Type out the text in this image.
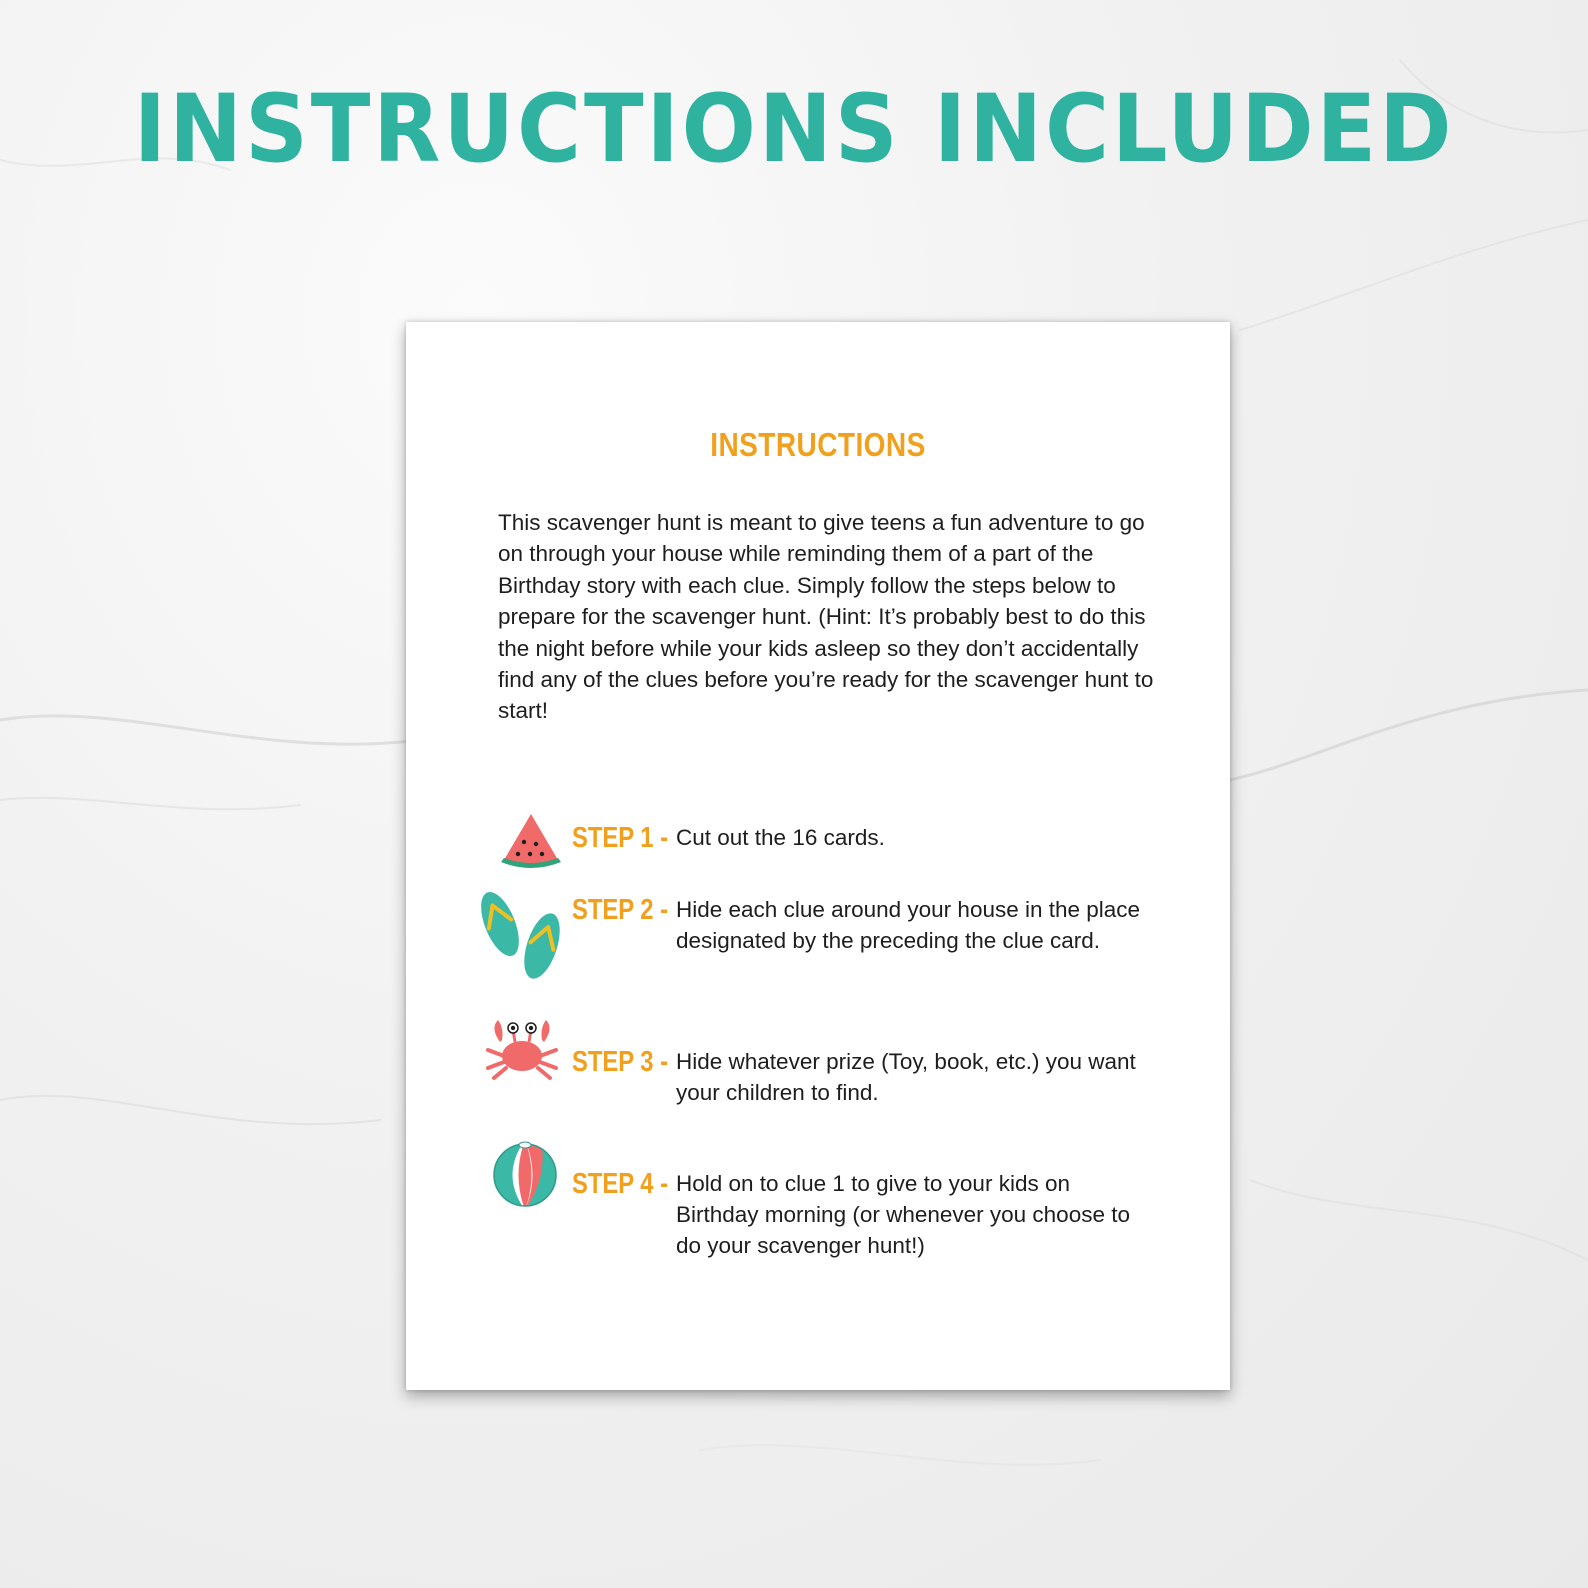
INSTRUCTIONS INCLUDED
INSTRUCTIONS

This scavenger hunt is meant to give teens a fun adventure to go on through your house while reminding them of a part of the Birthday story with each clue. Simply follow the steps below to prepare for the scavenger hunt. (Hint: It’s probably best to do this the night before while your kids asleep so they don’t accidentally find any of the clues before you’re ready for the scavenger hunt to start!

STEP 1 - Cut out the 16 cards.

STEP 2 - Hide each clue around your house in the place designated by the preceding the clue card.

STEP 3 - Hide whatever prize (Toy, book, etc.) you want your children to find.

STEP 4 - Hold on to clue 1 to give to your kids on Birthday morning (or whenever you choose to do your scavenger hunt!)
